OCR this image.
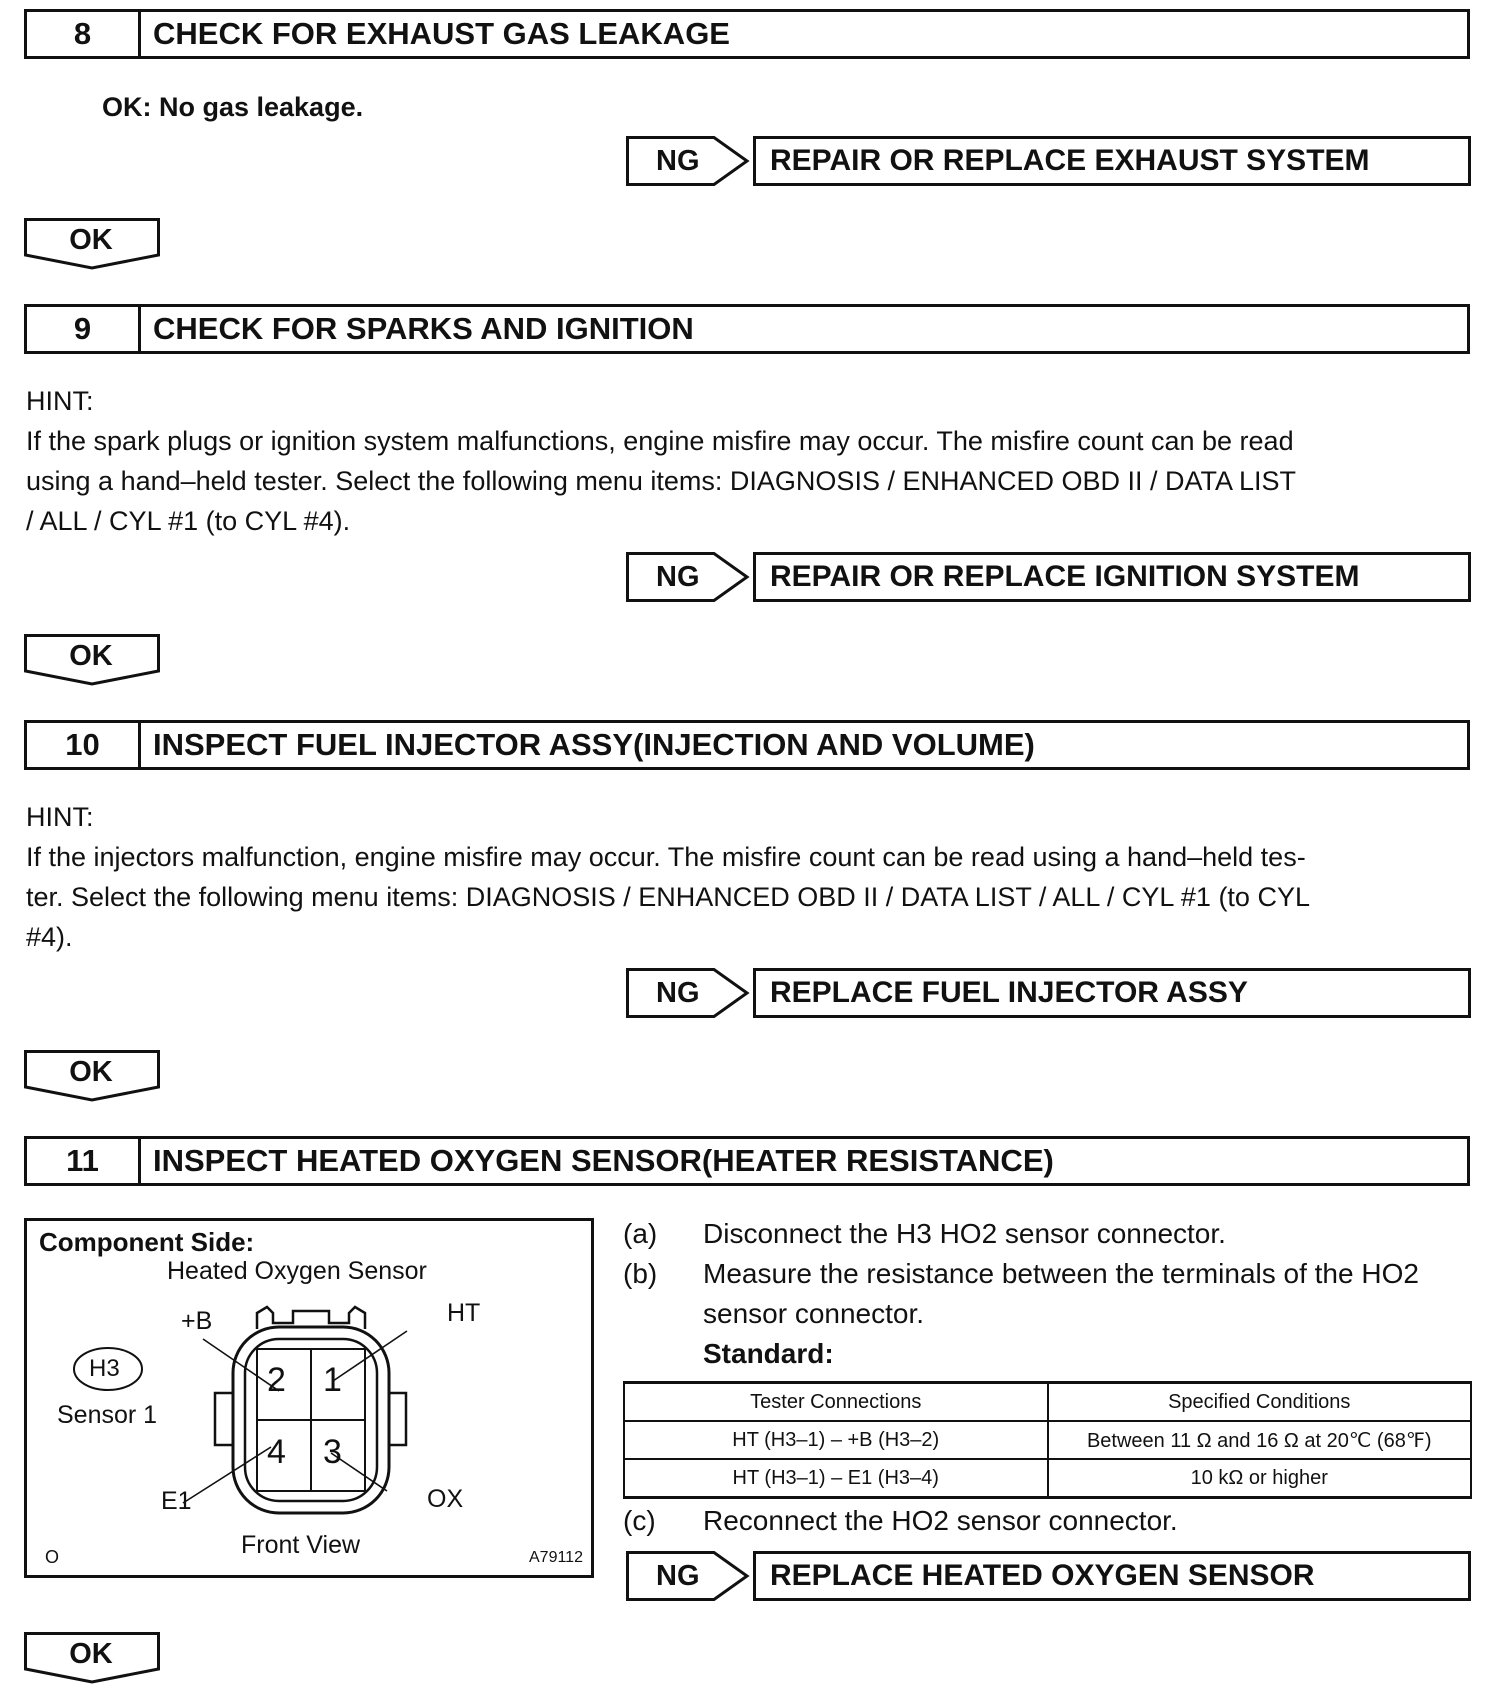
8	CHECK FOR EXHAUST GAS LEAKAGE
OK: No gas leakage.
NG	REPAIR OR REPLACE EXHAUST SYSTEM
OK
9	CHECK FOR SPARKS AND IGNITION
HINT:
If the spark plugs or ignition system malfunctions, engine misfire may occur. The misfire count can be read
using a hand–held tester. Select the following menu items: DIAGNOSIS / ENHANCED OBD II / DATA LIST
/ ALL / CYL #1 (to CYL #4).
NG	REPAIR OR REPLACE IGNITION SYSTEM
OK
10	INSPECT FUEL INJECTOR ASSY(INJECTION AND VOLUME)
HINT:
If the injectors malfunction, engine misfire may occur. The misfire count can be read using a hand–held tes-
ter. Select the following menu items: DIAGNOSIS / ENHANCED OBD II / DATA LIST / ALL / CYL #1 (to CYL
#4).
NG	REPLACE FUEL INJECTOR ASSY
OK
11	INSPECT HEATED OXYGEN SENSOR(HEATER RESISTANCE)
Component Side:
Heated Oxygen Sensor
H3
Sensor 1
+B	HT
E1	OX
2 1
4 3
Front View
O	A79112
(a) Disconnect the H3 HO2 sensor connector.
(b) Measure the resistance between the terminals of the HO2
sensor connector.
Standard:
Tester Connections	Specified Conditions
HT (H3–1) – +B (H3–2)	Between 11 Ω and 16 Ω at 20℃ (68℉)
HT (H3–1) – E1 (H3–4)	10 kΩ or higher
(c) Reconnect the HO2 sensor connector.
NG	REPLACE HEATED OXYGEN SENSOR
OK
